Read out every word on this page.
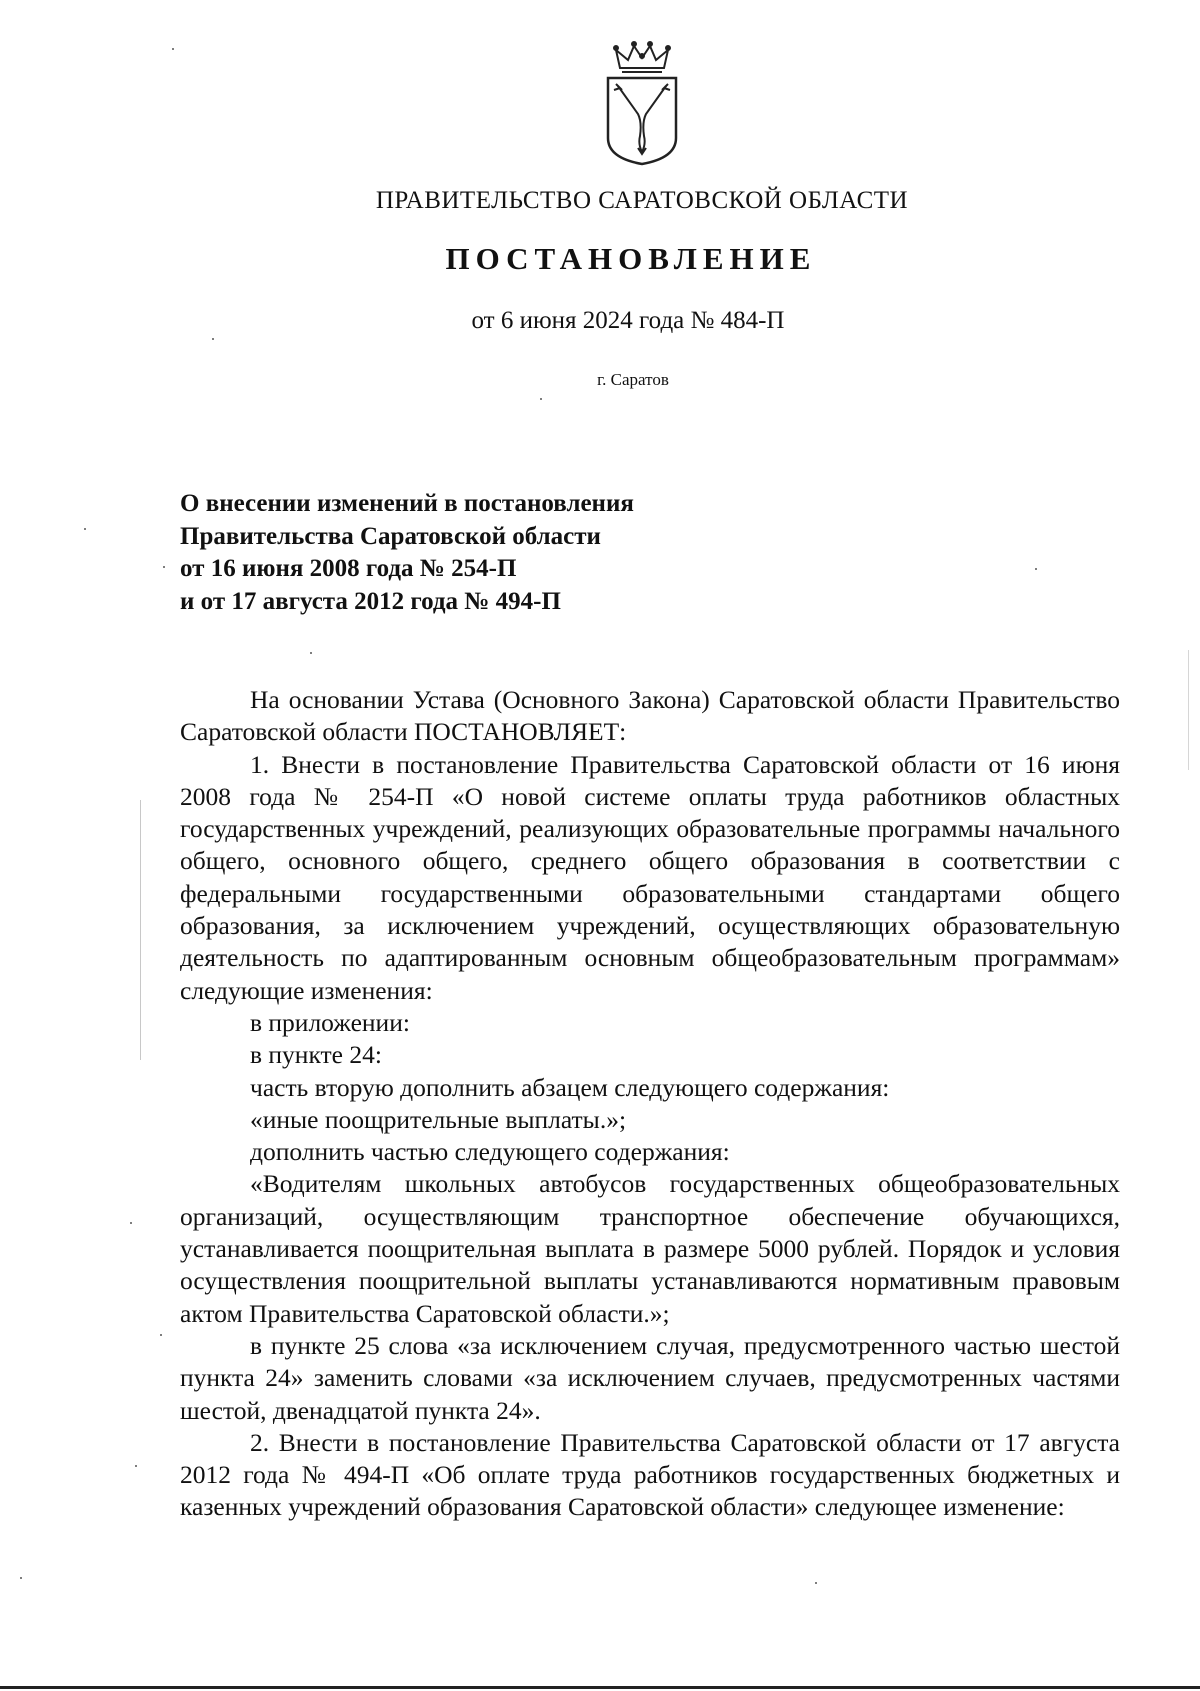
ПРАВИТЕЛЬСТВО САРАТОВСКОЙ ОБЛАСТИ
ПОСТАНОВЛЕНИЕ
от 6 июня 2024 года № 484-П
г. Саратов
О внесении изменений в постановления
Правительства Саратовской области
от 16 июня 2008 года № 254-П
и от 17 августа 2012 года № 494-П

На основании Устава (Основного Закона) Саратовской области Правительство Саратовской области ПОСТАНОВЛЯЕТ:

1. Внести в постановление Правительства Саратовской области от 16 июня 2008 года № 254-П «О новой системе оплаты труда работников областных государственных учреждений, реализующих образовательные программы начального общего, основного общего, среднего общего образования в соответствии с федеральными государственными образовательными стандартами общего образования, за исключением учреждений, осуществляющих образовательную деятельность по адаптированным основным общеобразовательным программам» следующие изменения:

в приложении:

в пункте 24:

часть вторую дополнить абзацем следующего содержания:

«иные поощрительные выплаты.»;

дополнить частью следующего содержания:

«Водителям школьных автобусов государственных общеобразовательных организаций, осуществляющим транспортное обеспечение обучающихся, устанавливается поощрительная выплата в размере 5000 рублей. Порядок и условия осуществления поощрительной выплаты устанавливаются нормативным правовым актом Правительства Саратовской области.»;

в пункте 25 слова «за исключением случая, предусмотренного частью шестой пункта 24» заменить словами «за исключением случаев, предусмотренных частями шестой, двенадцатой пункта 24».

2. Внести в постановление Правительства Саратовской области от 17 августа 2012 года № 494-П «Об оплате труда работников государственных бюджетных и казенных учреждений образования Саратовской области» следующее изменение:
